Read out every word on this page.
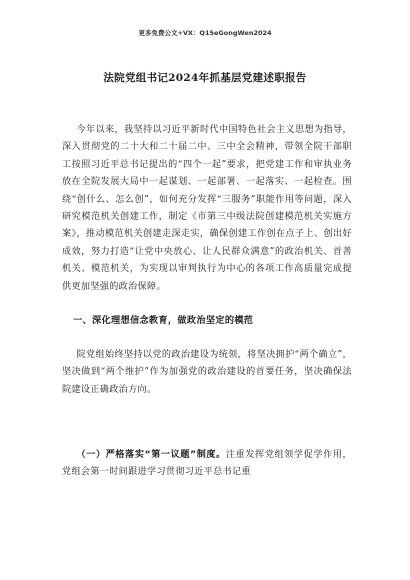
更多免费公文+VX：Q15eGongWen2024
法院党组书记2024年抓基层党建述职报告

今年以来，我坚持以习近平新时代中国特色社会主义思想为指导，深入贯彻党的二十大和二十届二中、三中全会精神，带领全院干部职工按照习近平总书记提出的“四个一起”要求，把党建工作和审执业务放在全院发展大局中一起谋划、一起部署、一起落实、一起检查。围绕“创什么、怎么创”，如何充分发挥“三服务”职能作用等问题，深入研究模范机关创建工作，制定《市第三中级法院创建模范机关实施方案》，推动模范机关创建走深走实，确保创建工作创在点子上、创出好成效，努力打造“让党中央放心、让人民群众满意”的政治机关、首善机关、模范机关，为实现以审判执行为中心的各项工作高质量完成提供更加坚强的政治保障。

一、深化理想信念教育，做政治坚定的模范

院党组始终坚持以党的政治建设为统领，将坚决拥护“两个确立”，坚决做到“两个维护”作为加强党的政治建设的首要任务，坚决确保法院建设正确政治方向。

（一）严格落实“第一议题”制度。注重发挥党组领学促学作用，党组会第一时间跟进学习贯彻习近平总书记重
